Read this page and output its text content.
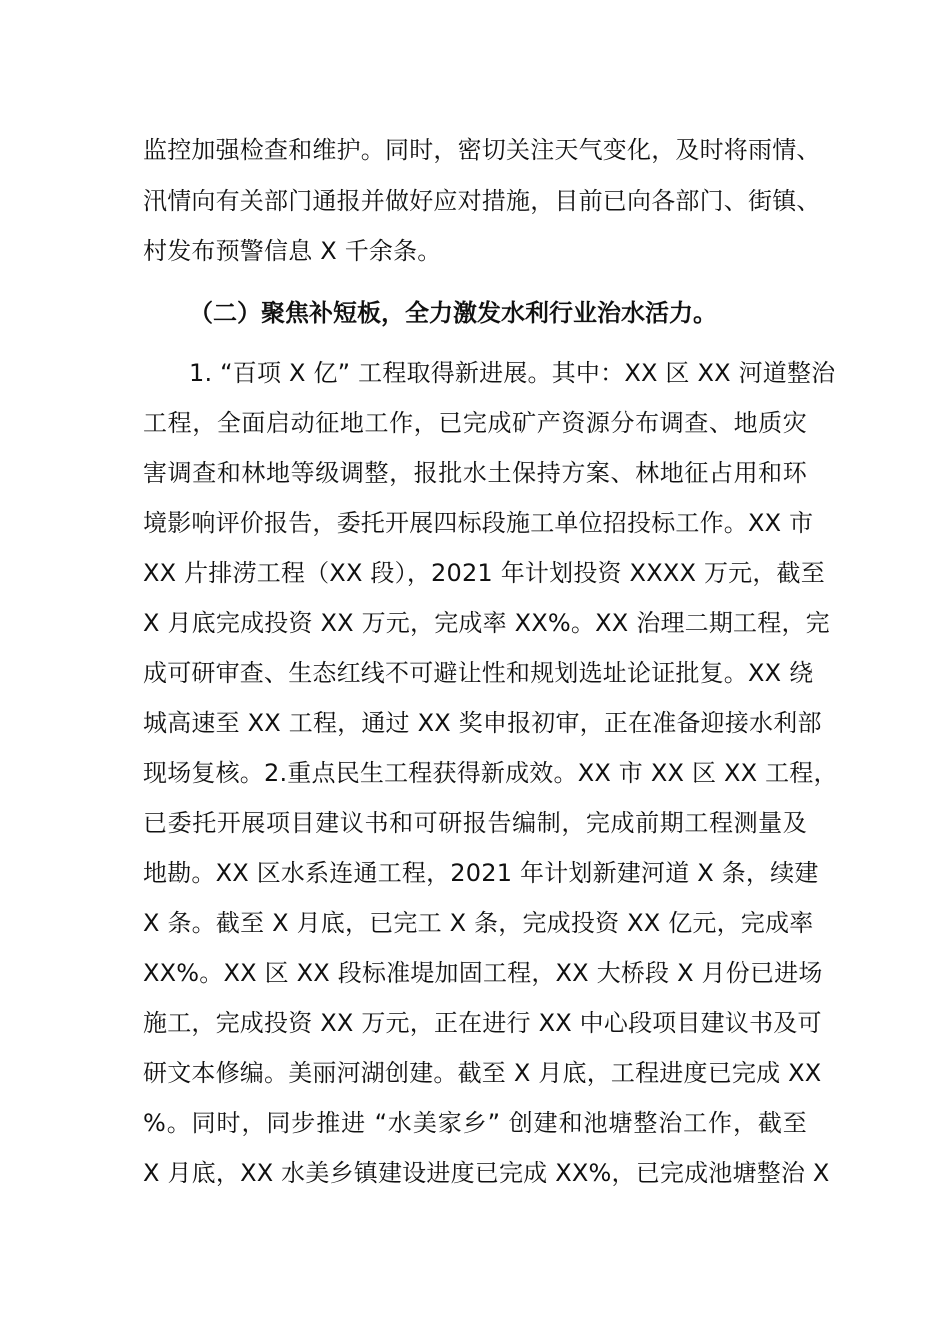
监控加强检查和维护。同时，密切关注天气变化，及时将雨情、
汛情向有关部门通报并做好应对措施，目前已向各部门、街镇、
村发布预警信息 X 千余条。
（二）聚焦补短板，全力激发水利行业治水活力。
1. “百项 X 亿” 工程取得新进展。其中：XX 区 XX 河道整治
工程，全面启动征地工作，已完成矿产资源分布调查、地质灾
害调查和林地等级调整，报批水土保持方案、林地征占用和环
境影响评价报告，委托开展四标段施工单位招投标工作。XX 市
XX 片排涝工程（XX 段），2021 年计划投资 XXXX 万元，截至
X 月底完成投资 XX 万元，完成率 XX%。XX 治理二期工程，完
成可研审查、生态红线不可避让性和规划选址论证批复。XX 绕
城高速至 XX 工程，通过 XX 奖申报初审，正在准备迎接水利部
现场复核。2.重点民生工程获得新成效。XX 市 XX 区 XX 工程，
已委托开展项目建议书和可研报告编制，完成前期工程测量及
地勘。XX 区水系连通工程，2021 年计划新建河道 X 条，续建
X 条。截至 X 月底，已完工 X 条，完成投资 XX 亿元，完成率
XX%。XX 区 XX 段标准堤加固工程，XX 大桥段 X 月份已进场
施工，完成投资 XX 万元，正在进行 XX 中心段项目建议书及可
研文本修编。美丽河湖创建。截至 X 月底，工程进度已完成 XX
%。同时，同步推进 “水美家乡” 创建和池塘整治工作，截至
X 月底，XX 水美乡镇建设进度已完成 XX%，已完成池塘整治 X
